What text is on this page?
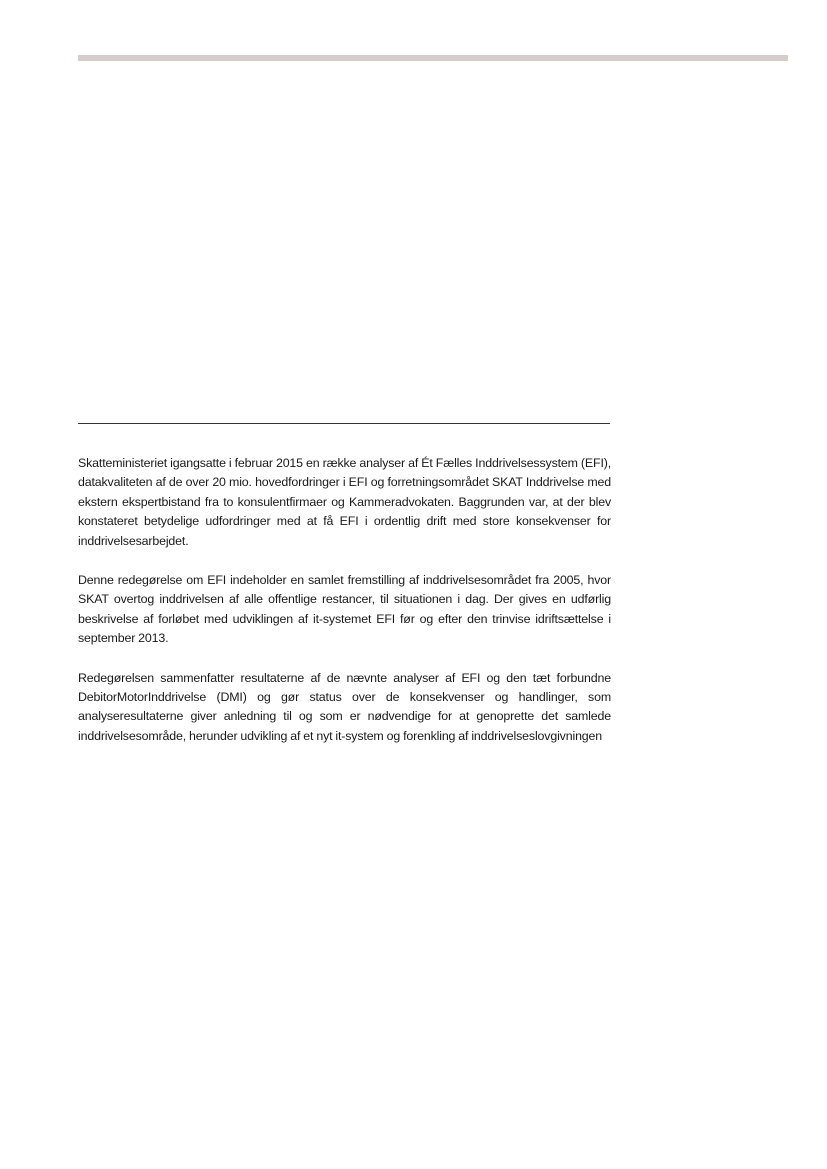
Skatteministeriet igangsatte i februar 2015 en række analyser af Ét Fælles Inddrivelsessystem (EFI), datakvaliteten af de over 20 mio. hovedfordringer i EFI og forretningsområdet SKAT Inddrivelse med ekstern ekspertbistand fra to konsulentfirmaer og Kammeradvokaten. Baggrunden var, at der blev konstateret betydelige udfordringer med at få EFI i ordentlig drift med store konsekvenser for inddrivelsesarbejdet.

Denne redegørelse om EFI indeholder en samlet fremstilling af inddrivelsesområdet fra 2005, hvor SKAT overtog inddrivelsen af alle offentlige restancer, til situationen i dag. Der gives en udførlig beskrivelse af forløbet med udviklingen af it-systemet EFI før og efter den trinvise idriftsættelse i september 2013.

Redegørelsen sammenfatter resultaterne af de nævnte analyser af EFI og den tæt forbundne DebitorMotorInddrivelse (DMI) og gør status over de konsekvenser og handlinger, som analyseresultaterne giver anledning til og som er nødvendige for at genoprette det samlede inddrivelsesområde, herunder udvikling af et nyt it-system og forenkling af inddrivelseslovgivningen
